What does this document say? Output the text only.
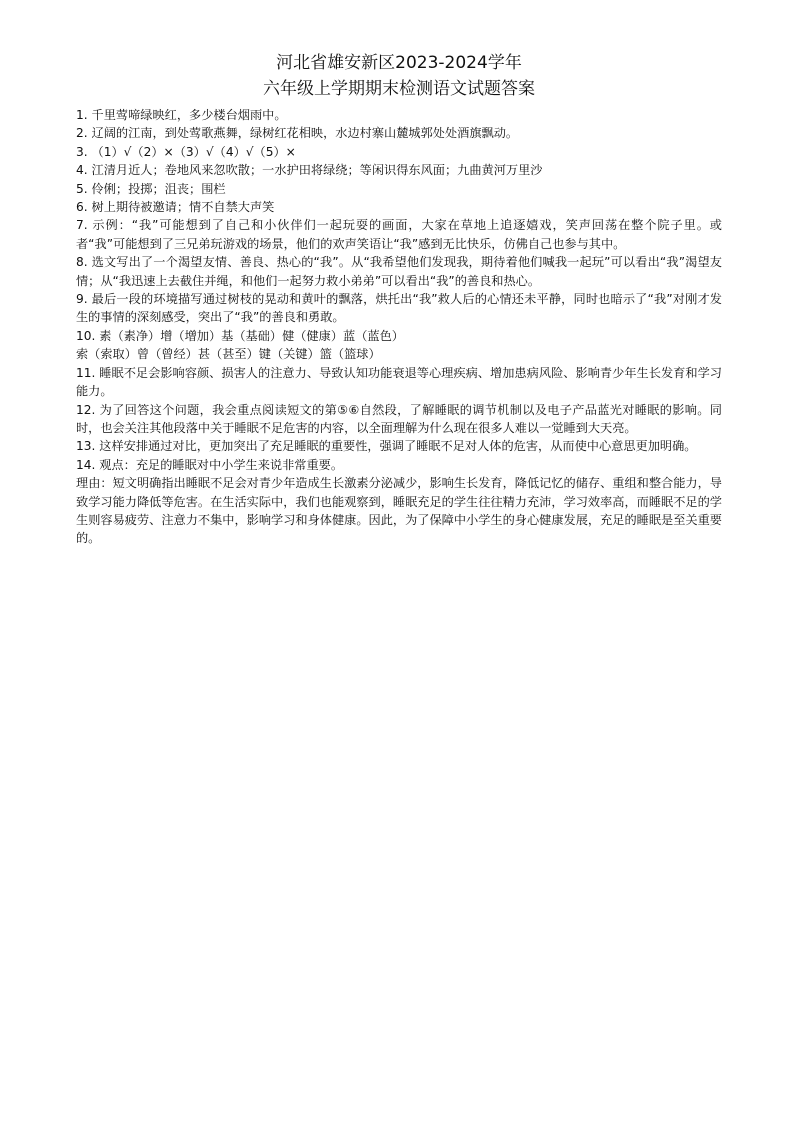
河北省雄安新区2023-2024学年
六年级上学期期末检测语文试题答案

1. 千里莺啼绿映红，多少楼台烟雨中。

2. 辽阔的江南，到处莺歌燕舞，绿树红花相映，水边村寨山麓城郭处处酒旗飘动。

3. （1）√（2）×（3）√（4）√（5）×

4. 江清月近人；卷地风来忽吹散；一水护田将绿绕；等闲识得东风面；九曲黄河万里沙

5. 伶俐；投掷；沮丧；围栏

6. 树上期待被邀请；情不自禁大声笑

7. 示例：“我”可能想到了自己和小伙伴们一起玩耍的画面，大家在草地上追逐嬉戏，笑声回荡在整个院子里。或者“我”可能想到了三兄弟玩游戏的场景，他们的欢声笑语让“我”感到无比快乐，仿佛自己也参与其中。

8. 选文写出了一个渴望友情、善良、热心的“我”。从“我希望他们发现我，期待着他们喊我一起玩”可以看出“我”渴望友情；从“我迅速上去截住并绳，和他们一起努力救小弟弟”可以看出“我”的善良和热心。

9. 最后一段的环境描写通过树枝的晃动和黄叶的飘落，烘托出“我”救人后的心情还未平静，同时也暗示了“我”对刚才发生的事情的深刻感受，突出了“我”的善良和勇敢。

10. 素（素净）增（增加）基（基础）健（健康）蓝（蓝色）

索（索取）曾（曾经）甚（甚至）键（关键）篮（篮球）

11. 睡眠不足会影响容颜、损害人的注意力、导致认知功能衰退等心理疾病、增加患病风险、影响青少年生长发育和学习能力。

12. 为了回答这个问题，我会重点阅读短文的第⑤⑥自然段，了解睡眠的调节机制以及电子产品蓝光对睡眠的影响。同时，也会关注其他段落中关于睡眠不足危害的内容，以全面理解为什么现在很多人难以一觉睡到大天亮。

13. 这样安排通过对比，更加突出了充足睡眠的重要性，强调了睡眠不足对人体的危害，从而使中心意思更加明确。

14. 观点：充足的睡眠对中小学生来说非常重要。

理由：短文明确指出睡眠不足会对青少年造成生长激素分泌减少，影响生长发育，降低记忆的储存、重组和整合能力，导致学习能力降低等危害。在生活实际中，我们也能观察到，睡眠充足的学生往往精力充沛，学习效率高，而睡眠不足的学生则容易疲劳、注意力不集中，影响学习和身体健康。因此，为了保障中小学生的身心健康发展，充足的睡眠是至关重要的。
